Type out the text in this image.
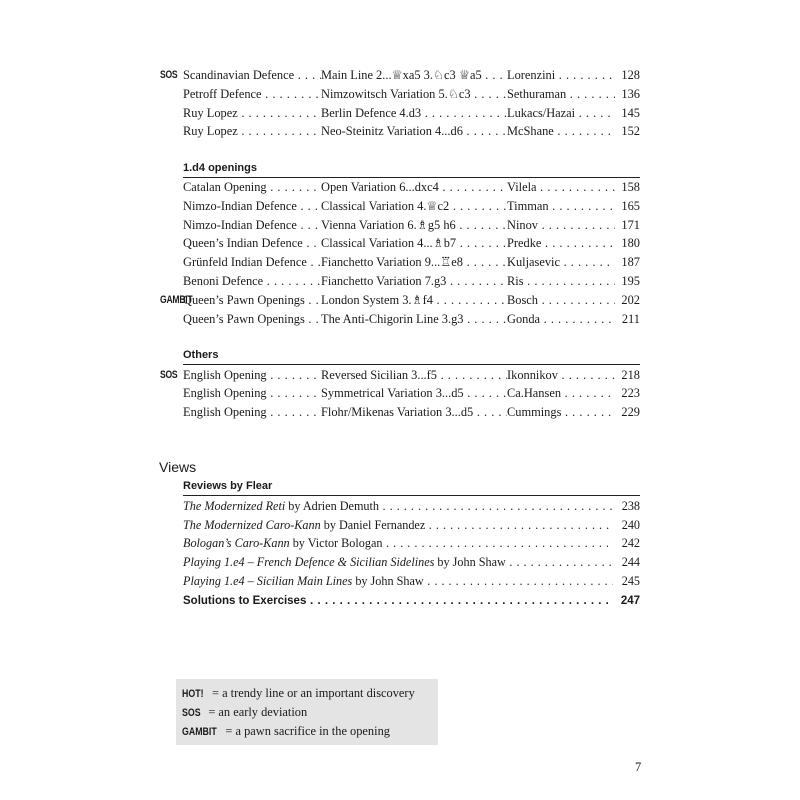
SOS Scandinavian Defence . . .	Main Line 2...♕xa5 3.♘c3 ♕a5 . . .	Lorenzini . . .	128
Petroff Defence . . .	Nimzowitsch Variation 5.♘c3 . . .	Sethuraman . . .	136
Ruy Lopez . . .	Berlin Defence 4.d3 . . .	Lukacs/Hazai . . .	145
Ruy Lopez . . .	Neo-Steinitz Variation 4...d6 . . .	McShane . . .	152
1.d4 openings
Catalan Opening . . .	Open Variation 6...dxc4 . . .	Vilela . . .	158
Nimzo-Indian Defence . . .	Classical Variation 4.♕c2 . . .	Timman . . .	165
Nimzo-Indian Defence . . .	Vienna Variation 6.♗g5 h6 . . .	Ninov . . .	171
Queen’s Indian Defence . . .	Classical Variation 4...♗b7 . . .	Predke . . .	180
Grünfeld Indian Defence . . .	Fianchetto Variation 9...♖e8 . . .	Kuljasevic . . .	187
Benoni Defence . . .	Fianchetto Variation 7.g3 . . .	Ris . . .	195
GAMBIT
Queen’s Pawn Openings . . .	London System 3.♗f4 . . .	Bosch . . .	202
Queen’s Pawn Openings . . .	The Anti-Chigorin Line 3.g3 . . .	Gonda . . .	211
Others
SOS English Opening . . .	Reversed Sicilian 3...f5 . . .	Ikonnikov . . .	218
English Opening . . .	Symmetrical Variation 3...d5 . . .	Ca.Hansen . . .	223
English Opening . . .	Flohr/Mikenas Variation 3...d5 . . .	Cummings . . .	229
Views
Reviews by Flear
The Modernized Reti by Adrien Demuth . . .	238
The Modernized Caro-Kann by Daniel Fernandez . . .	240
Bologan’s Caro-Kann by Victor Bologan . . .	242
Playing 1.e4 – French Defence & Sicilian Sidelines by John Shaw . . .	244
Playing 1.e4 – Sicilian Main Lines by John Shaw . . .	245
Solutions to Exercises . . .	247
HOT! = a trendy line or an important discovery
SOS = an early deviation
GAMBIT = a pawn sacrifice in the opening
7
